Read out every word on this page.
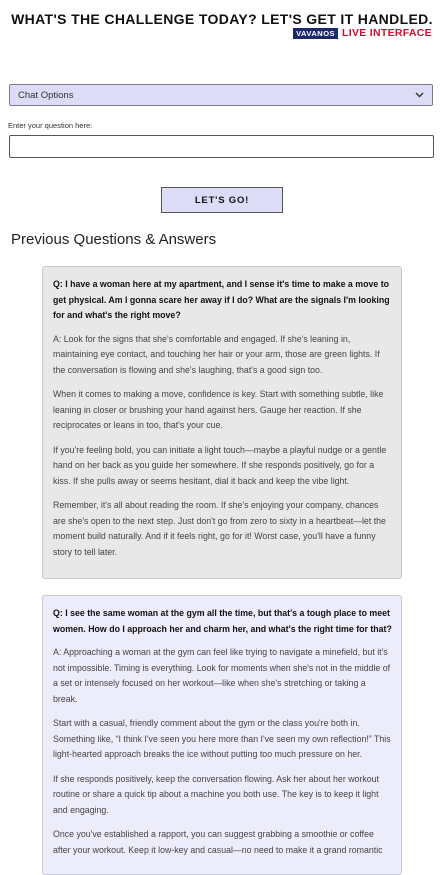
WHAT'S THE CHALLENGE TODAY? LET'S GET IT HANDLED.
VAVANOS LIVE INTERFACE
Chat Options
Enter your question here:
LET'S GO!
Previous Questions & Answers

Q: I have a woman here at my apartment, and I sense it's time to make a move to get physical. Am I gonna scare her away if I do? What are the signals I'm looking for and what's the right move?

A: Look for the signs that she's comfortable and engaged. If she's leaning in, maintaining eye contact, and touching her hair or your arm, those are green lights. If the conversation is flowing and she's laughing, that's a good sign too.

When it comes to making a move, confidence is key. Start with something subtle, like leaning in closer or brushing your hand against hers. Gauge her reaction. If she reciprocates or leans in too, that's your cue.

If you're feeling bold, you can initiate a light touch—maybe a playful nudge or a gentle hand on her back as you guide her somewhere. If she responds positively, go for a kiss. If she pulls away or seems hesitant, dial it back and keep the vibe light.

Remember, it's all about reading the room. If she's enjoying your company, chances are she's open to the next step. Just don't go from zero to sixty in a heartbeat—let the moment build naturally. And if it feels right, go for it! Worst case, you'll have a funny story to tell later.

Q: I see the same woman at the gym all the time, but that's a tough place to meet women. How do I approach her and charm her, and what's the right time for that?

A: Approaching a woman at the gym can feel like trying to navigate a minefield, but it's not impossible. Timing is everything. Look for moments when she's not in the middle of a set or intensely focused on her workout—like when she's stretching or taking a break.

Start with a casual, friendly comment about the gym or the class you're both in. Something like, “I think I've seen you here more than I've seen my own reflection!” This light-hearted approach breaks the ice without putting too much pressure on her.

If she responds positively, keep the conversation flowing. Ask her about her workout routine or share a quick tip about a machine you both use. The key is to keep it light and engaging.

Once you've established a rapport, you can suggest grabbing a smoothie or coffee after your workout. Keep it low-key and casual—no need to make it a grand romantic
